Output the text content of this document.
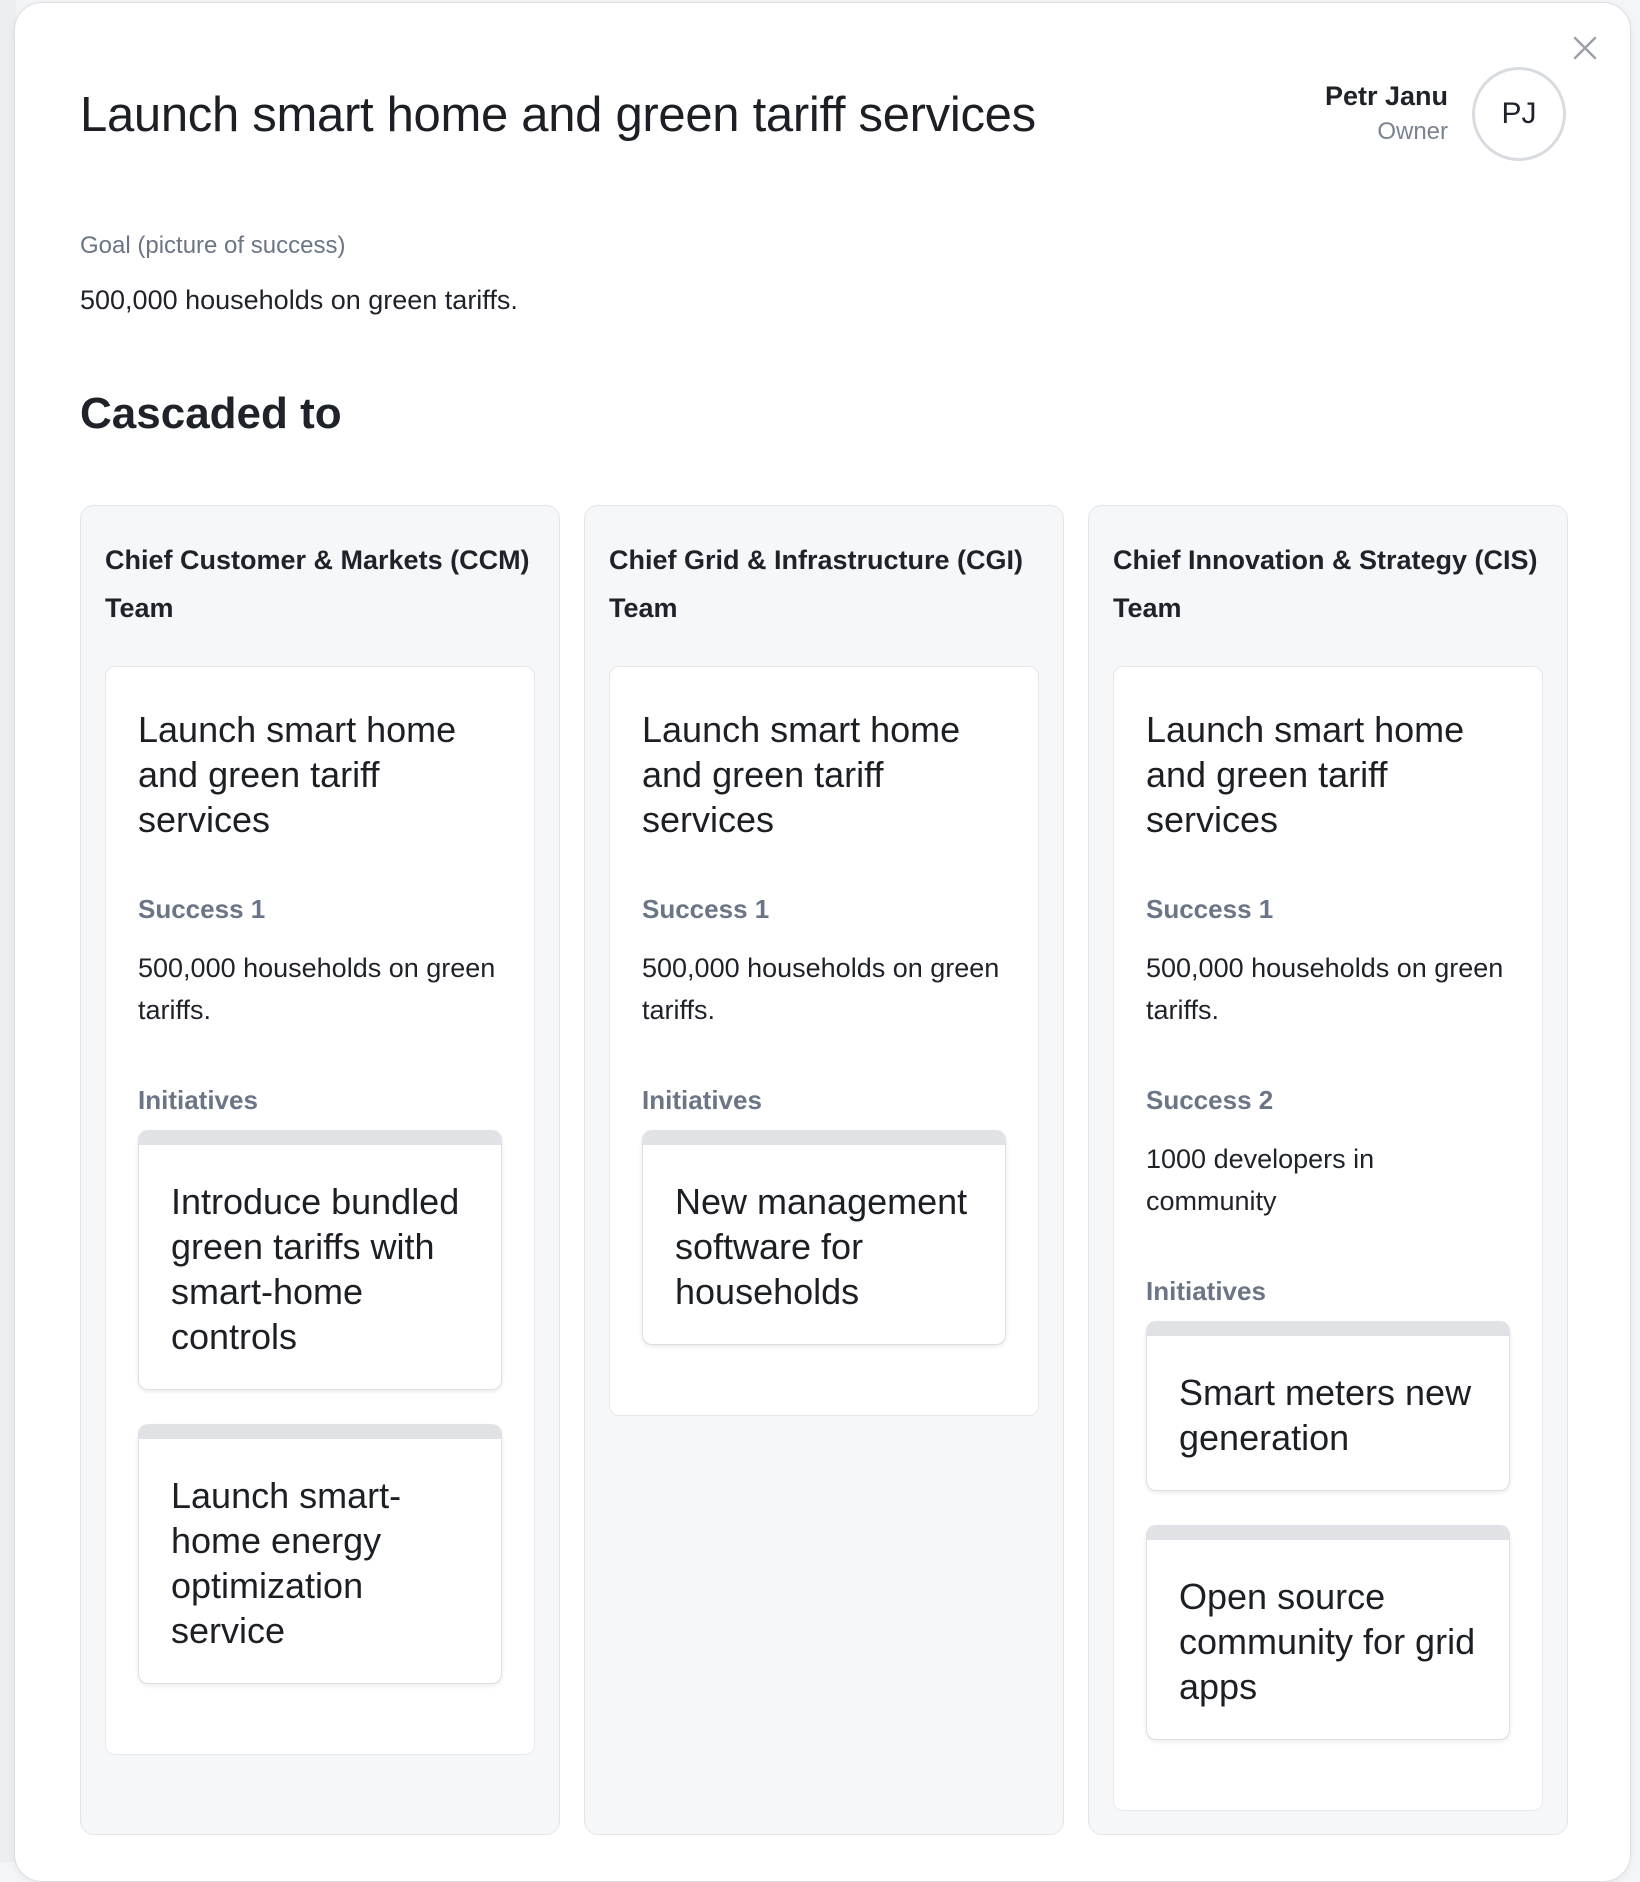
Launch smart home and green tariff services	Petr Janu
Owner
PJ
Goal (picture of success)
500,000 households on green tariffs.
Cascaded to
Chief Customer & Markets (CCM) Team
Launch smart home and green tariff services
Success 1
500,000 households on green tariffs.
Initiatives
Introduce bundled green tariffs with smart-home controls
Launch smart-home energy optimization service
Chief Grid & Infrastructure (CGI) Team
Launch smart home and green tariff services
Success 1
500,000 households on green tariffs.
Initiatives
New management software for households
Chief Innovation & Strategy (CIS) Team
Launch smart home and green tariff services
Success 1
500,000 households on green tariffs.
Success 2
1000 developers in community
Initiatives
Smart meters new generation
Open source community for grid apps
